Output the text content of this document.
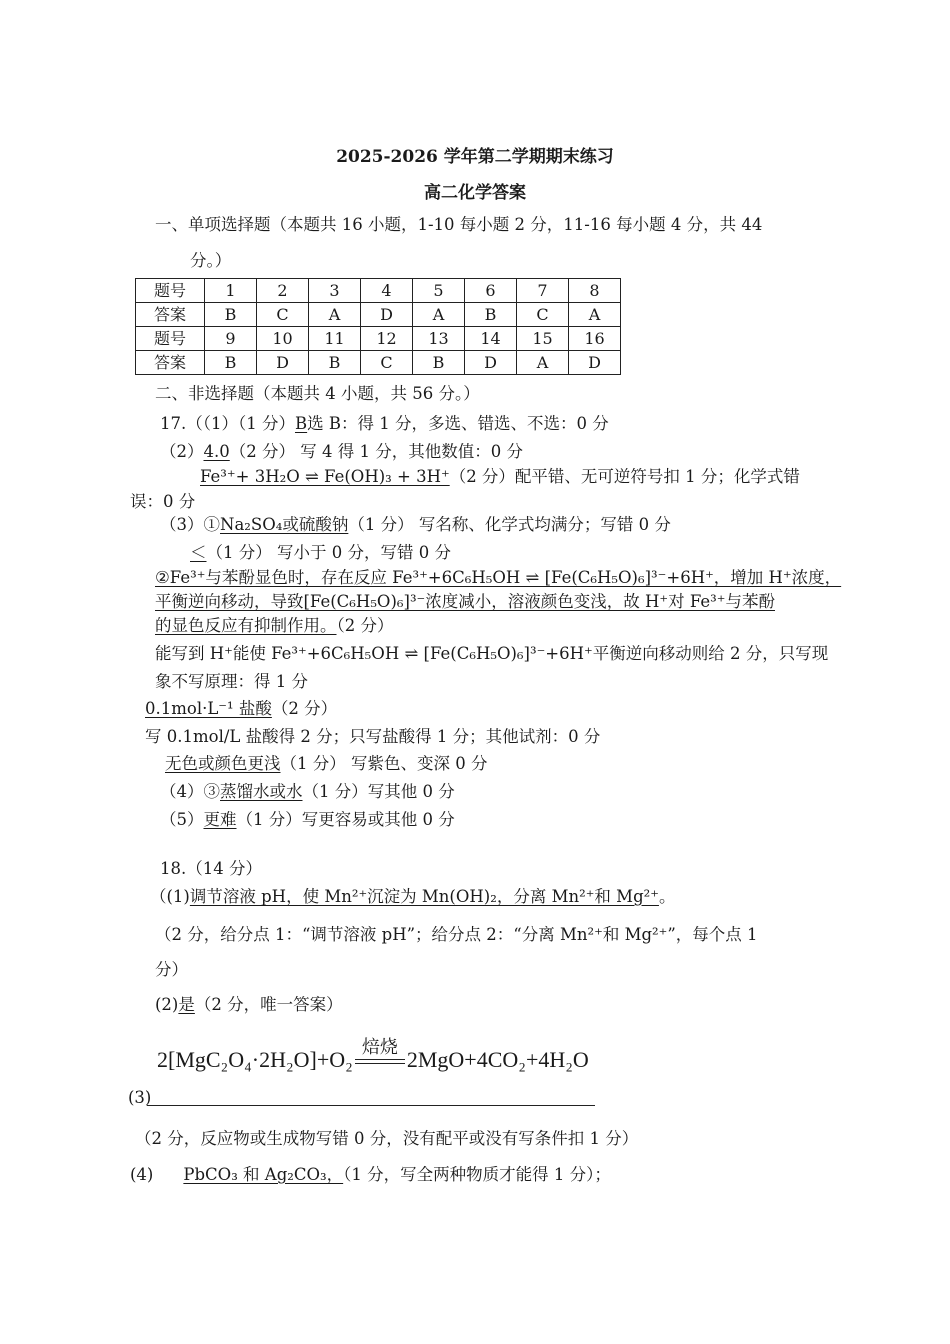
2025-2026 学年第二学期期末练习
高二化学答案
一、单项选择题（本题共 16 小题，1-10 每小题 2 分，11-16 每小题 4 分，共 44
分。）
题号	1	2	3	4	5	6	7	8
答案	B	C	A	D	A	B	C	A
题号	9	10	11	12	13	14	15	16
答案	B	D	B	C	B	D	A	D
二、非选择题（本题共 4 小题，共 56 分。）
17.（（1）（1 分）B选 B：得 1 分，多选、错选、不选：0 分
（2）4.0（2 分） 写 4 得 1 分，其他数值：0 分
Fe³⁺+ 3H₂O ⇌ Fe(OH)₃ + 3H⁺（2 分）配平错、无可逆符号扣 1 分；化学式错
误：0 分
（3）①Na₂SO₄或硫酸钠（1 分） 写名称、化学式均满分；写错 0 分
＜（1 分） 写小于 0 分，写错 0 分
②Fe³⁺与苯酚显色时，存在反应 Fe³⁺+6C₆H₅OH ⇌ [Fe(C₆H₅O)₆]³⁻+6H⁺，增加 H⁺浓度，
平衡逆向移动，导致[Fe(C₆H₅O)₆]³⁻浓度减小，溶液颜色变浅，故 H⁺对 Fe³⁺与苯酚
的显色反应有抑制作用。（2 分）
能写到 H⁺能使 Fe³⁺+6C₆H₅OH ⇌ [Fe(C₆H₅O)₆]³⁻+6H⁺平衡逆向移动则给 2 分，只写现
象不写原理：得 1 分
0.1mol·L⁻¹ 盐酸（2 分）
写 0.1mol/L 盐酸得 2 分；只写盐酸得 1 分；其他试剂：0 分
无色或颜色更浅（1 分） 写紫色、变深 0 分
（4）③蒸馏水或水（1 分）写其他 0 分
（5）更难（1 分）写更容易或其他 0 分
18.（14 分）
（(1)调节溶液 pH，使 Mn²⁺沉淀为 Mn(OH)₂，分离 Mn²⁺和 Mg²⁺。
（2 分，给分点 1：“调节溶液 pH”；给分点 2：“分离 Mn²⁺和 Mg²⁺”，每个点 1
分）
(2)是（2 分，唯一答案）
2[MgC₂O₄·2H₂O]+O₂ 焙烧 2MgO+4CO₂+4H₂O
(3)
（2 分，反应物或生成物写错 0 分，没有配平或没有写条件扣 1 分）
(4) PbCO₃ 和 Ag₂CO₃，（1 分，写全两种物质才能得 1 分）；
